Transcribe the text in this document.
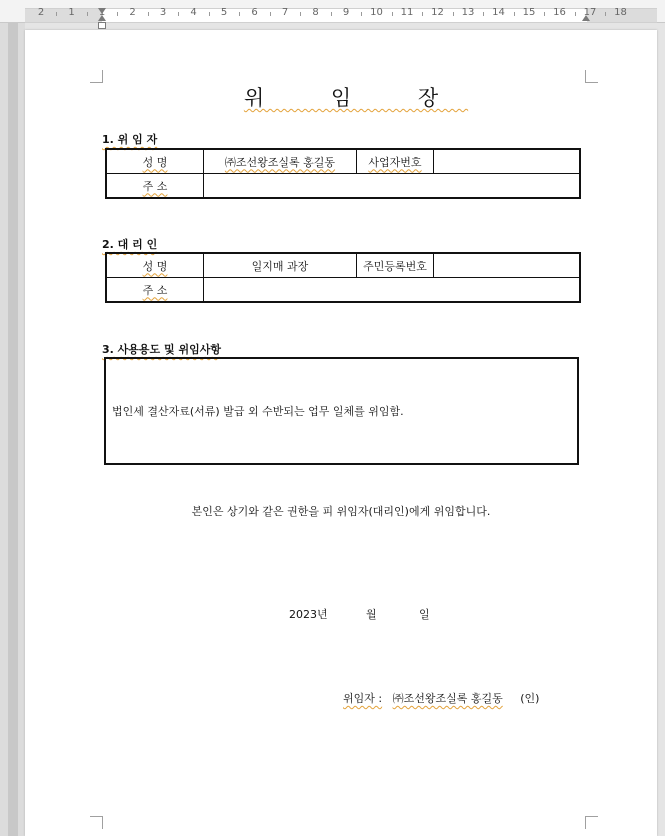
2	1	1	2	3	4	5	6	7	8	9	10	11	12	13	14	15	16	17	18
위 임 장
1. 위 임 자
성 명	㈜조선왕조실록 홍길동	사업자번호	
주 소			
2. 대 리 인
성 명	일지매 과장	주민등록번호	
주 소			
3. 사용용도 및 위임사항
법인세 결산자료(서류) 발급 외 수반되는 업무 일체를 위임함.
본인은 상기와 같은 권한을 피 위임자(대리인)에게 위임합니다.
2023년	월	일
위임자 : ㈜조선왕조실록 홍길동 (인)
